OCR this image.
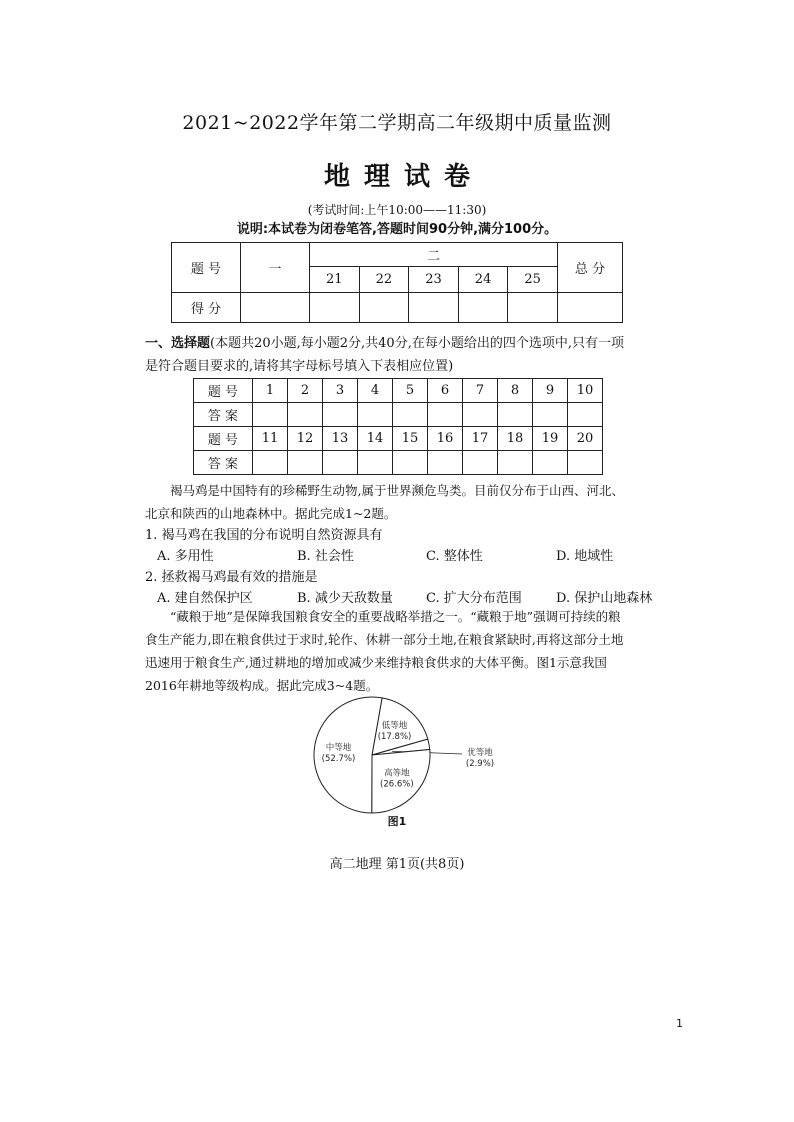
2021~2022学年第二学期高二年级期中质量监测
地理试卷
(考试时间:上午10:00——11:30)
说明:本试卷为闭卷笔答,答题时间90分钟,满分100分。
题 号	一	二					总 分
		21	22	23	24	25	
得 分							
一、选择题(本题共20小题,每小题2分,共40分,在每小题给出的四个选项中,只有一项是符合题目要求的,请将其字母标号填入下表相应位置)
题 号	1	2	3	4	5	6	7	8	9	10
答 案										
题 号	11	12	13	14	15	16	17	18	19	20
答 案										
褐马鸡是中国特有的珍稀野生动物,属于世界濒危鸟类。目前仅分布于山西、河北、北京和陕西的山地森林中。据此完成1~2题。
1. 褐马鸡在我国的分布说明自然资源具有
A. 多用性	B. 社会性	C. 整体性	D. 地域性
2. 拯救褐马鸡最有效的措施是
A. 建自然保护区	B. 减少天敌数量	C. 扩大分布范围	D. 保护山地森林
“藏粮于地”是保障我国粮食安全的重要战略举措之一。“藏粮于地”强调可持续的粮食生产能力,即在粮食供过于求时,轮作、休耕一部分土地,在粮食紧缺时,再将这部分土地迅速用于粮食生产,通过耕地的增加或减少来维持粮食供求的大体平衡。图1示意我国2016年耕地等级构成。据此完成3~4题。
低等地
(17.8%)
优等地
(2.9%)
高等地
(26.6%)
中等地
(52.7%)
图1
高二地理 第1页(共8页)
1
